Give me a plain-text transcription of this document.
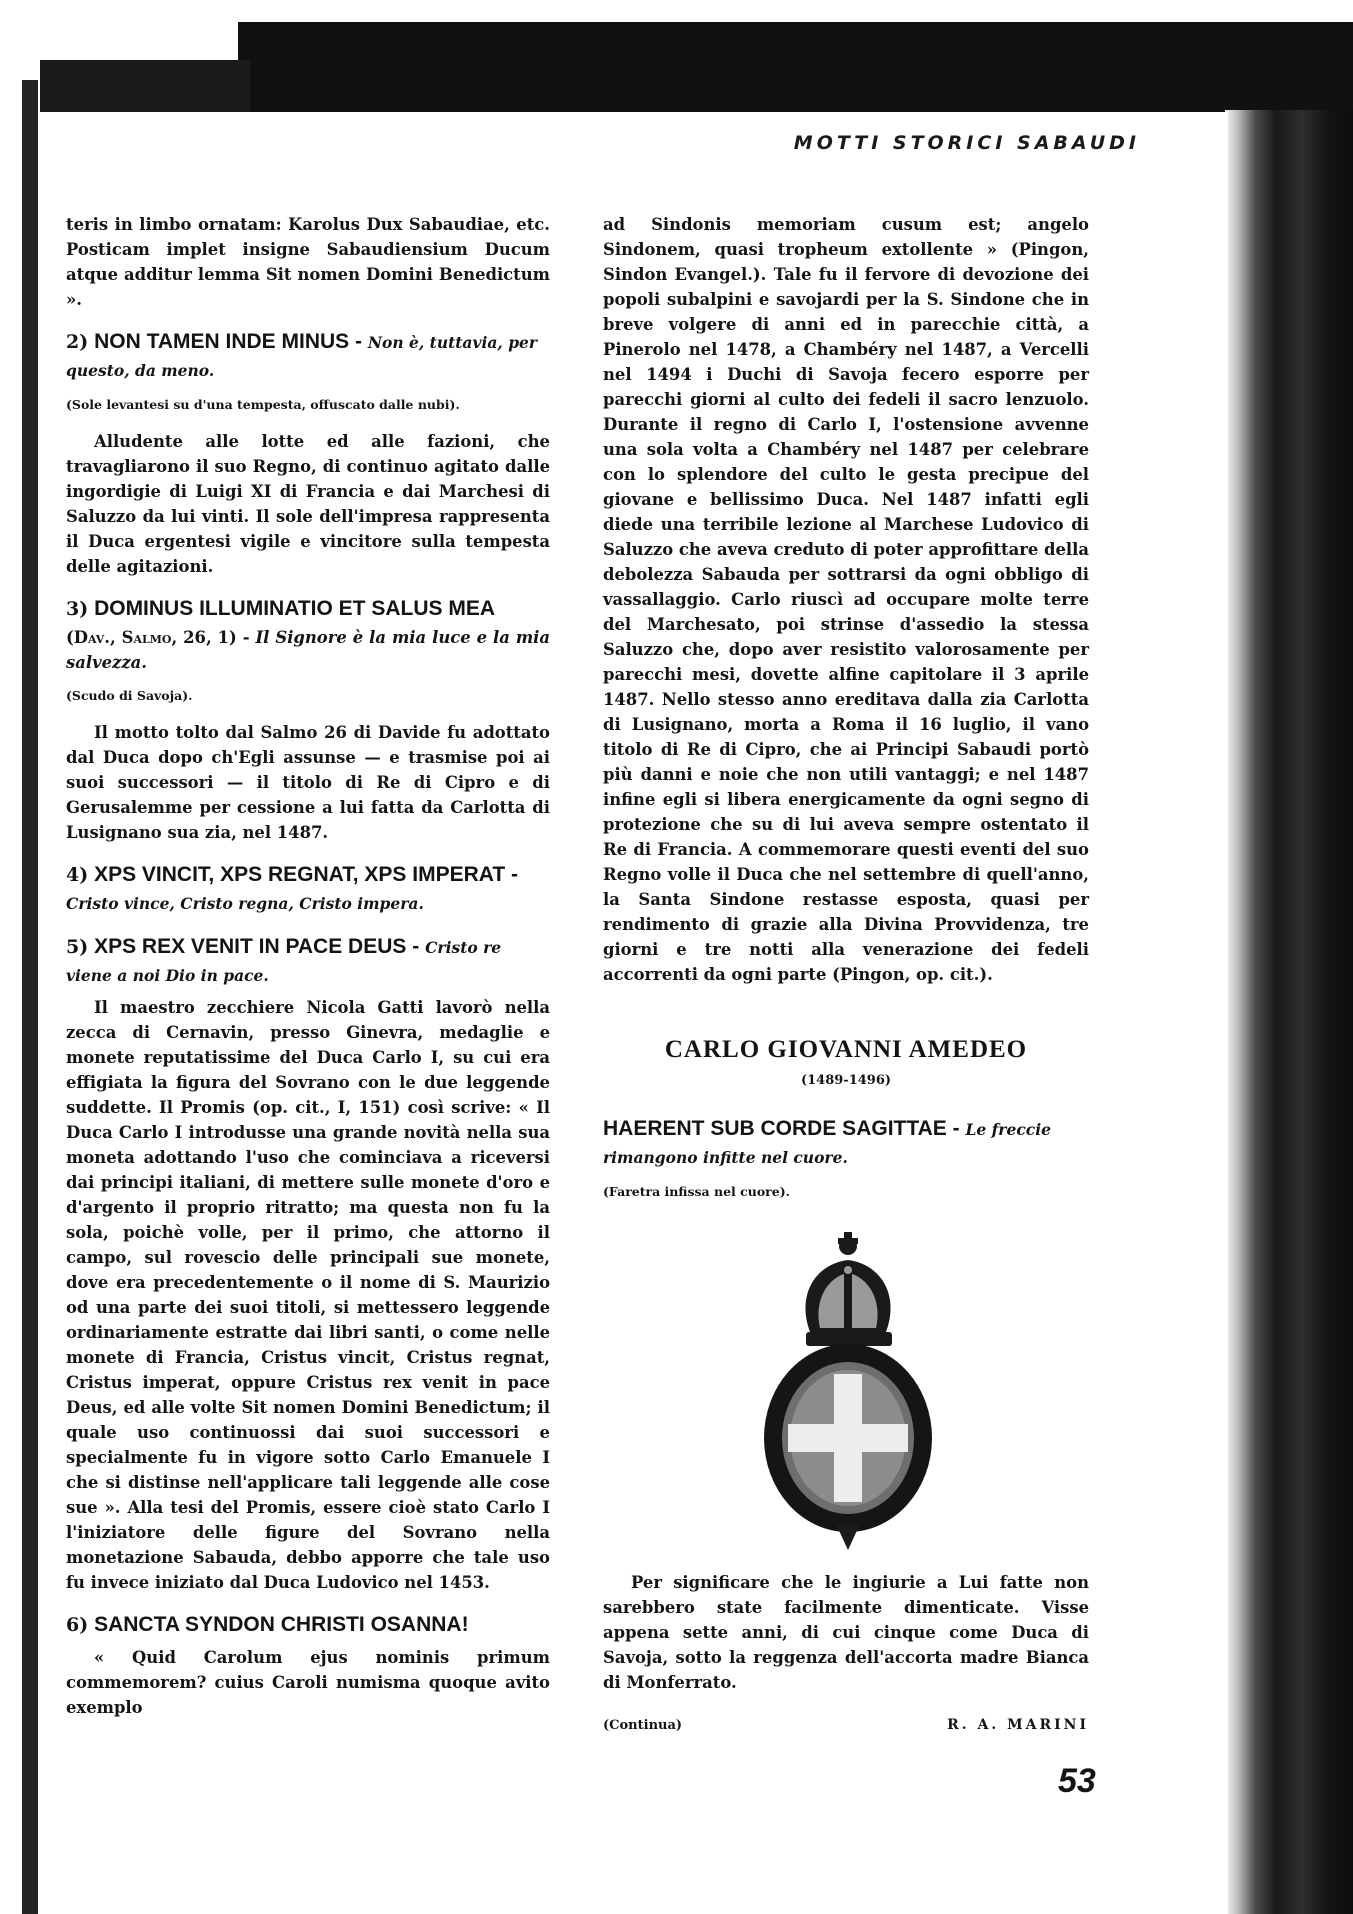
MOTTI STORICI SABAUDI

teris in limbo ornatam: Karolus Dux Sabaudiae, etc. Posticam implet insigne Sabaudiensium Ducum atque additur lemma Sit nomen Domini Benedictum ».

2) NON TAMEN INDE MINUS - Non è, tuttavia, per questo, da meno.
(Sole levantesi su d'una tempesta, offuscato dalle nubi).

Alludente alle lotte ed alle fazioni, che travagliarono il suo Regno, di continuo agitato dalle ingordigie di Luigi XI di Francia e dai Marchesi di Saluzzo da lui vinti. Il sole dell'impresa rappresenta il Duca ergentesi vigile e vincitore sulla tempesta delle agitazioni.

3) DOMINUS ILLUMINATIO ET SALUS MEA
(Dav., Salmo, 26, 1) - Il Signore è la mia luce e la mia salvezza.
(Scudo di Savoja).

Il motto tolto dal Salmo 26 di Davide fu adottato dal Duca dopo ch'Egli assunse — e trasmise poi ai suoi successori — il titolo di Re di Cipro e di Gerusalemme per cessione a lui fatta da Carlotta di Lusignano sua zia, nel 1487.

4) XPS VINCIT, XPS REGNAT, XPS IMPERAT - Cristo vince, Cristo regna, Cristo impera.
5) XPS REX VENIT IN PACE DEUS - Cristo re viene a noi Dio in pace.

Il maestro zecchiere Nicola Gatti lavorò nella zecca di Cernavin, presso Ginevra, medaglie e monete reputatissime del Duca Carlo I, su cui era effigiata la figura del Sovrano con le due leggende suddette. Il Promis (op. cit., I, 151) così scrive: « Il Duca Carlo I introdusse una grande novità nella sua moneta adottando l'uso che cominciava a riceversi dai principi italiani, di mettere sulle monete d'oro e d'argento il proprio ritratto; ma questa non fu la sola, poichè volle, per il primo, che attorno il campo, sul rovescio delle principali sue monete, dove era precedentemente o il nome di S. Maurizio od una parte dei suoi titoli, si mettessero leggende ordinariamente estratte dai libri santi, o come nelle monete di Francia, Cristus vincit, Cristus regnat, Cristus imperat, oppure Cristus rex venit in pace Deus, ed alle volte Sit nomen Domini Benedictum; il quale uso continuossi dai suoi successori e specialmente fu in vigore sotto Carlo Emanuele I che si distinse nell'applicare tali leggende alle cose sue ». Alla tesi del Promis, essere cioè stato Carlo I l'iniziatore delle figure del Sovrano nella monetazione Sabauda, debbo apporre che tale uso fu invece iniziato dal Duca Ludovico nel 1453.

6) SANCTA SYNDON CHRISTI OSANNA!

« Quid Carolum ejus nominis primum commemorem? cuius Caroli numisma quoque avito exemplo

ad Sindonis memoriam cusum est; angelo Sindonem, quasi tropheum extollente » (Pingon, Sindon Evangel.). Tale fu il fervore di devozione dei popoli subalpini e savojardi per la S. Sindone che in breve volgere di anni ed in parecchie città, a Pinerolo nel 1478, a Chambéry nel 1487, a Vercelli nel 1494 i Duchi di Savoja fecero esporre per parecchi giorni al culto dei fedeli il sacro lenzuolo. Durante il regno di Carlo I, l'ostensione avvenne una sola volta a Chambéry nel 1487 per celebrare con lo splendore del culto le gesta precipue del giovane e bellissimo Duca. Nel 1487 infatti egli diede una terribile lezione al Marchese Ludovico di Saluzzo che aveva creduto di poter approfittare della debolezza Sabauda per sottrarsi da ogni obbligo di vassallaggio. Carlo riuscì ad occupare molte terre del Marchesato, poi strinse d'assedio la stessa Saluzzo che, dopo aver resistito valorosamente per parecchi mesi, dovette alfine capitolare il 3 aprile 1487. Nello stesso anno ereditava dalla zia Carlotta di Lusignano, morta a Roma il 16 luglio, il vano titolo di Re di Cipro, che ai Principi Sabaudi portò più danni e noie che non utili vantaggi; e nel 1487 infine egli si libera energicamente da ogni segno di protezione che su di lui aveva sempre ostentato il Re di Francia. A commemorare questi eventi del suo Regno volle il Duca che nel settembre di quell'anno, la Santa Sindone restasse esposta, quasi per rendimento di grazie alla Divina Provvidenza, tre giorni e tre notti alla venerazione dei fedeli accorrenti da ogni parte (Pingon, op. cit.).

CARLO GIOVANNI AMEDEO
(1489-1496)
HAERENT SUB CORDE SAGITTAE - Le freccie rimangono infitte nel cuore.
(Faretra infissa nel cuore).

Per significare che le ingiurie a Lui fatte non sarebbero state facilmente dimenticate. Visse appena sette anni, di cui cinque come Duca di Savoja, sotto la reggenza dell'accorta madre Bianca di Monferrato.

(Continua)	R. A. MARINI
53
